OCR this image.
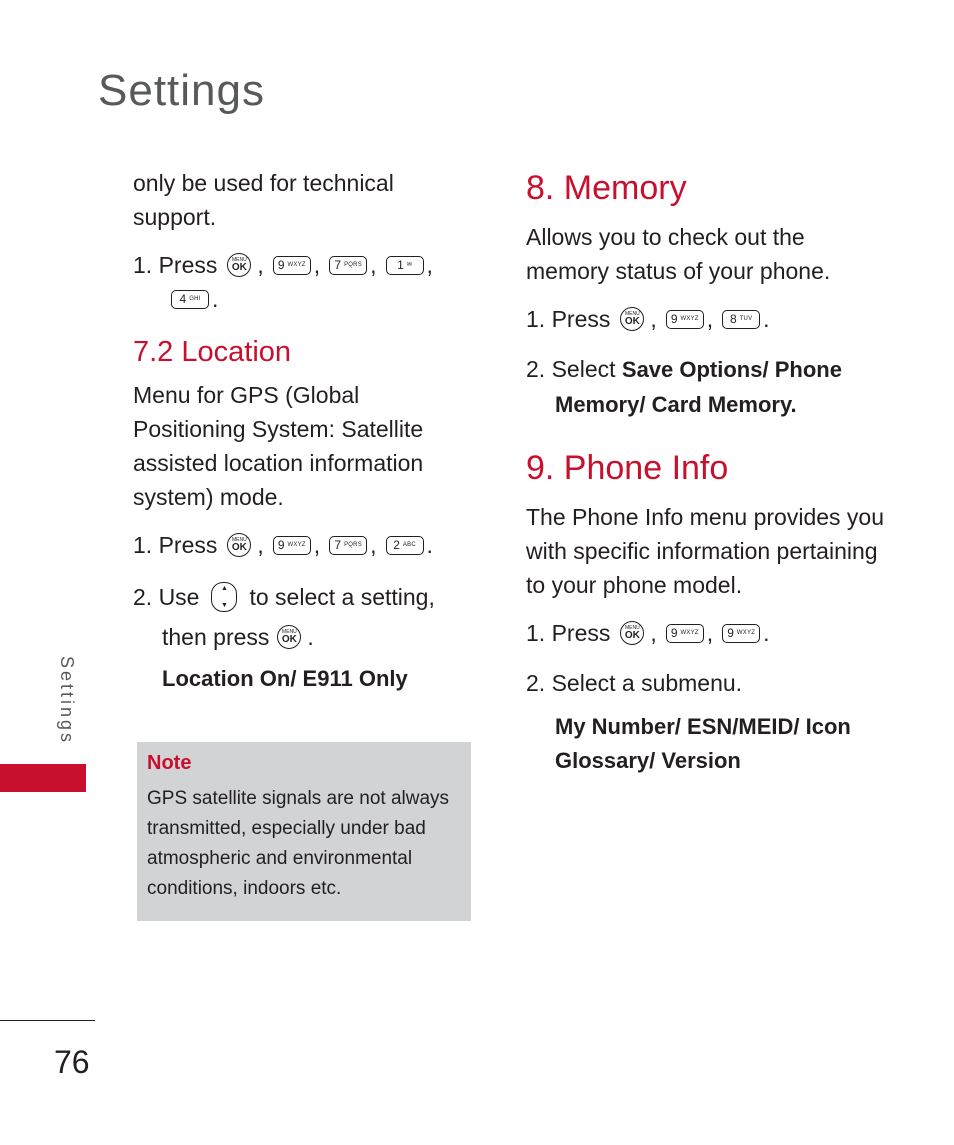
Settings
Settings

only be used for technical support.

1. Press	MENU
OK , 9 WXYZ , 7 PQRS , 1 ✉ ,
4 GHI .
7.2 Location

Menu for GPS (Global Positioning System: Satellite assisted location information system) mode.

1. Press	MENU
OK , 9 WXYZ , 7 PQRS , 2 ABC .
2. Use	▲
▼ to select a setting,
then press	MENU
OK .
Location On/ E911 Only

Note

GPS satellite signals are not always transmitted, especially under bad atmospheric and environmental conditions, indoors etc.

8. Memory

Allows you to check out the memory status of your phone.

1. Press	MENU
OK , 9 WXYZ , 8 TUV .
2. Select Save Options/ Phone Memory/ Card Memory.
9. Phone Info

The Phone Info menu provides you with specific information pertaining to your phone model.

1. Press	MENU
OK , 9 WXYZ , 9 WXYZ .
2. Select a submenu.
My Number/ ESN/MEID/ Icon Glossary/ Version
76
